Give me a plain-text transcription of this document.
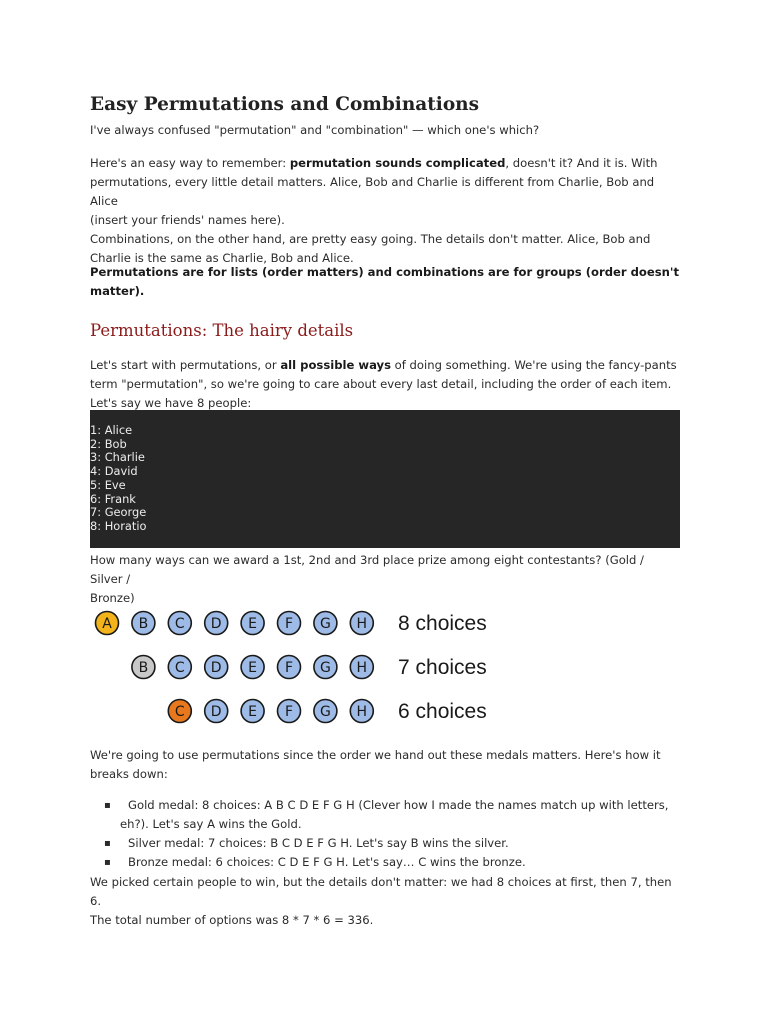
Easy Permutations and Combinations

I've always confused "permutation" and "combination" — which one's which?

Here's an easy way to remember: permutation sounds complicated, doesn't it? And it is. With
permutations, every little detail matters. Alice, Bob and Charlie is different from Charlie, Bob and Alice
(insert your friends' names here).
Combinations, on the other hand, are pretty easy going. The details don't matter. Alice, Bob and
Charlie is the same as Charlie, Bob and Alice.
Permutations are for lists (order matters) and combinations are for groups (order doesn't
matter).
Permutations: The hairy details
Let's start with permutations, or all possible ways of doing something. We're using the fancy-pants
term "permutation", so we're going to care about every last detail, including the order of each item.
Let's say we have 8 people:
1: Alice
2: Bob
3: Charlie
4: David
5: Eve
6: Frank
7: George
8: Horatio
How many ways can we award a 1st, 2nd and 3rd place prize among eight contestants? (Gold / Silver /
Bronze)
A B C D E F G H 8 choices
B C D E F G H 7 choices
C D E F G H 6 choices
We're going to use permutations since the order we hand out these medals matters. Here's how it
breaks down:
▪ Gold medal: 8 choices: A B C D E F G H (Clever how I made the names match up with letters,
eh?). Let's say A wins the Gold.
▪ Silver medal: 7 choices: B C D E F G H. Let's say B wins the silver.
▪ Bronze medal: 6 choices: C D E F G H. Let's say… C wins the bronze.
We picked certain people to win, but the details don't matter: we had 8 choices at first, then 7, then 6.
The total number of options was 8 * 7 * 6 = 336.
